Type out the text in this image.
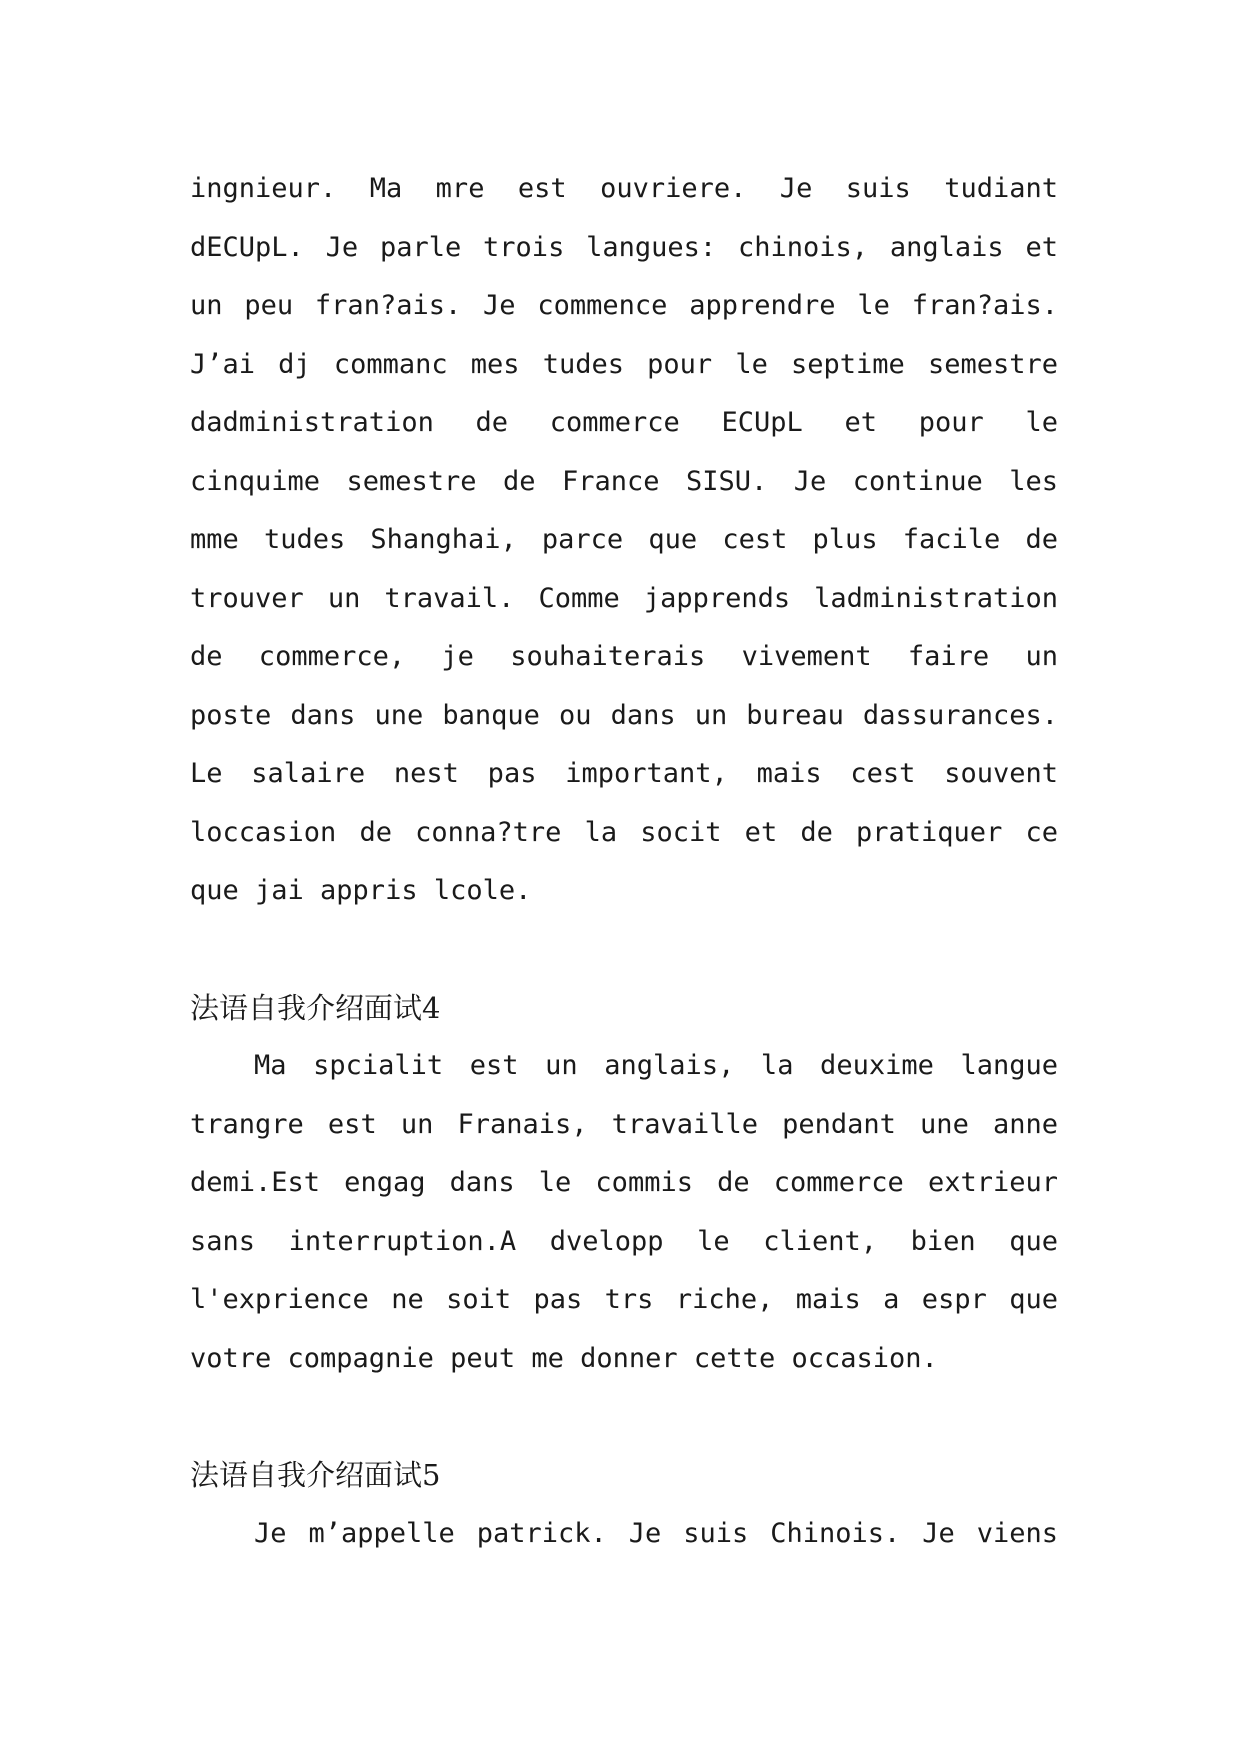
ingnieur. Ma mre est ouvriere. Je suis tudiant
dECUpL. Je parle trois langues: chinois, anglais et
un peu fran?ais. Je commence apprendre le fran?ais.
J’ai dj commanc mes tudes pour le septime semestre
dadministration de commerce ECUpL et pour le
cinquime semestre de France SISU. Je continue les
mme tudes Shanghai, parce que cest plus facile de
trouver un travail. Comme japprends ladministration
de commerce, je souhaiterais vivement faire un
poste dans une banque ou dans un bureau dassurances.
Le salaire nest pas important, mais cest souvent
loccasion de conna?tre la socit et de pratiquer ce
que jai appris lcole.
法语自我介绍面试4
Ma spcialit est un anglais, la deuxime langue
trangre est un Franais, travaille pendant une anne
demi.Est engag dans le commis de commerce extrieur
sans interruption.A dvelopp le client, bien que
l'exprience ne soit pas trs riche, mais a espr que
votre compagnie peut me donner cette occasion.
法语自我介绍面试5
Je m’appelle patrick. Je suis Chinois. Je viens
